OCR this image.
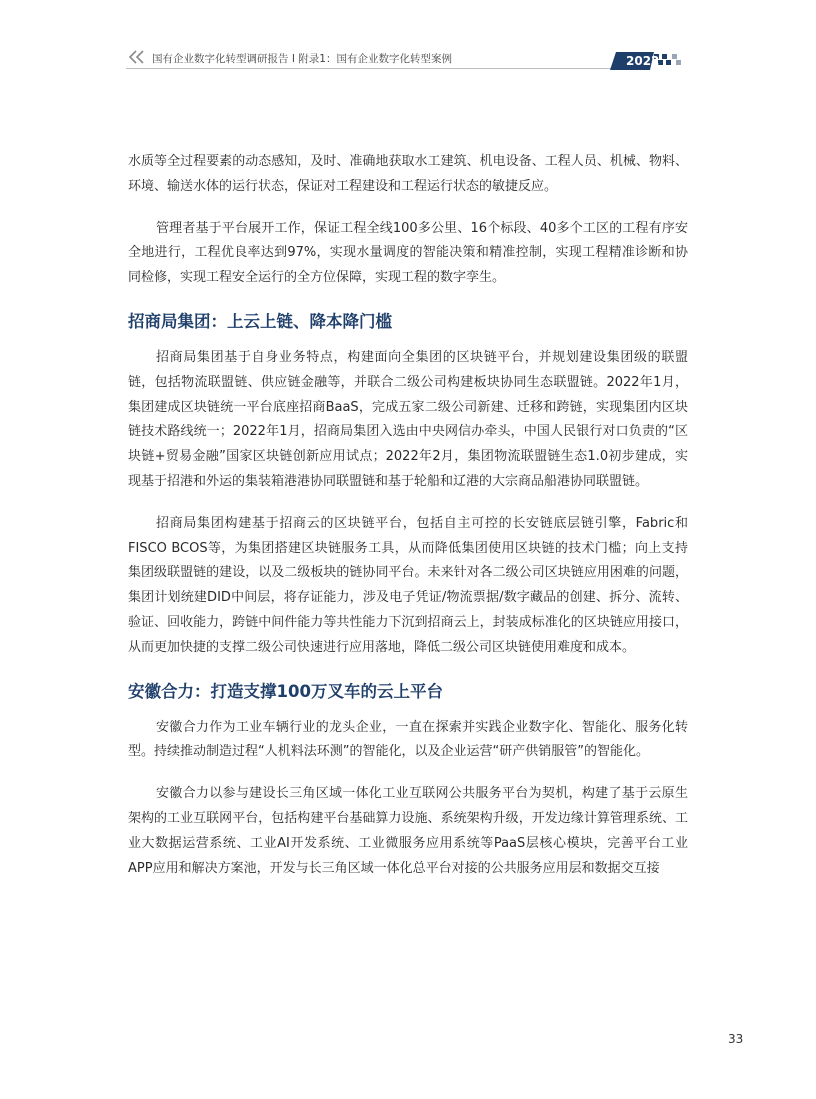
国有企业数字化转型调研报告 I 附录1：国有企业数字化转型案例	2022

水质等全过程要素的动态感知，及时、准确地获取水工建筑、机电设备、工程人员、机械、物料、环境、输送水体的运行状态，保证对工程建设和工程运行状态的敏捷反应。

管理者基于平台展开工作，保证工程全线100多公里、16个标段、40多个工区的工程有序安全地进行，工程优良率达到97%，实现水量调度的智能决策和精准控制，实现工程精准诊断和协同检修，实现工程安全运行的全方位保障，实现工程的数字孪生。

招商局集团：上云上链、降本降门槛

招商局集团基于自身业务特点，构建面向全集团的区块链平台，并规划建设集团级的联盟链，包括物流联盟链、供应链金融等，并联合二级公司构建板块协同生态联盟链。2022年1月，集团建成区块链统一平台底座招商BaaS，完成五家二级公司新建、迁移和跨链，实现集团内区块链技术路线统一；2022年1月，招商局集团入选由中央网信办牵头，中国人民银行对口负责的“区块链+贸易金融”国家区块链创新应用试点；2022年2月，集团物流联盟链生态1.0初步建成，实现基于招港和外运的集装箱港港协同联盟链和基于轮船和辽港的大宗商品船港协同联盟链。

招商局集团构建基于招商云的区块链平台，包括自主可控的长安链底层链引擎，Fabric和FISCO BCOS等，为集团搭建区块链服务工具，从而降低集团使用区块链的技术门槛；向上支持集团级联盟链的建设，以及二级板块的链协同平台。未来针对各二级公司区块链应用困难的问题，集团计划统建DID中间层，将存证能力，涉及电子凭证/物流票据/数字藏品的创建、拆分、流转、验证、回收能力，跨链中间件能力等共性能力下沉到招商云上，封装成标准化的区块链应用接口，从而更加快捷的支撑二级公司快速进行应用落地，降低二级公司区块链使用难度和成本。

安徽合力：打造支撑100万叉车的云上平台

安徽合力作为工业车辆行业的龙头企业，一直在探索并实践企业数字化、智能化、服务化转型。持续推动制造过程“人机料法环测”的智能化，以及企业运营“研产供销服管”的智能化。

安徽合力以参与建设长三角区域一体化工业互联网公共服务平台为契机，构建了基于云原生架构的工业互联网平台，包括构建平台基础算力设施、系统架构升级，开发边缘计算管理系统、工业大数据运营系统、工业AI开发系统、工业微服务应用系统等PaaS层核心模块，完善平台工业APP应用和解决方案池，开发与长三角区域一体化总平台对接的公共服务应用层和数据交互接

33
